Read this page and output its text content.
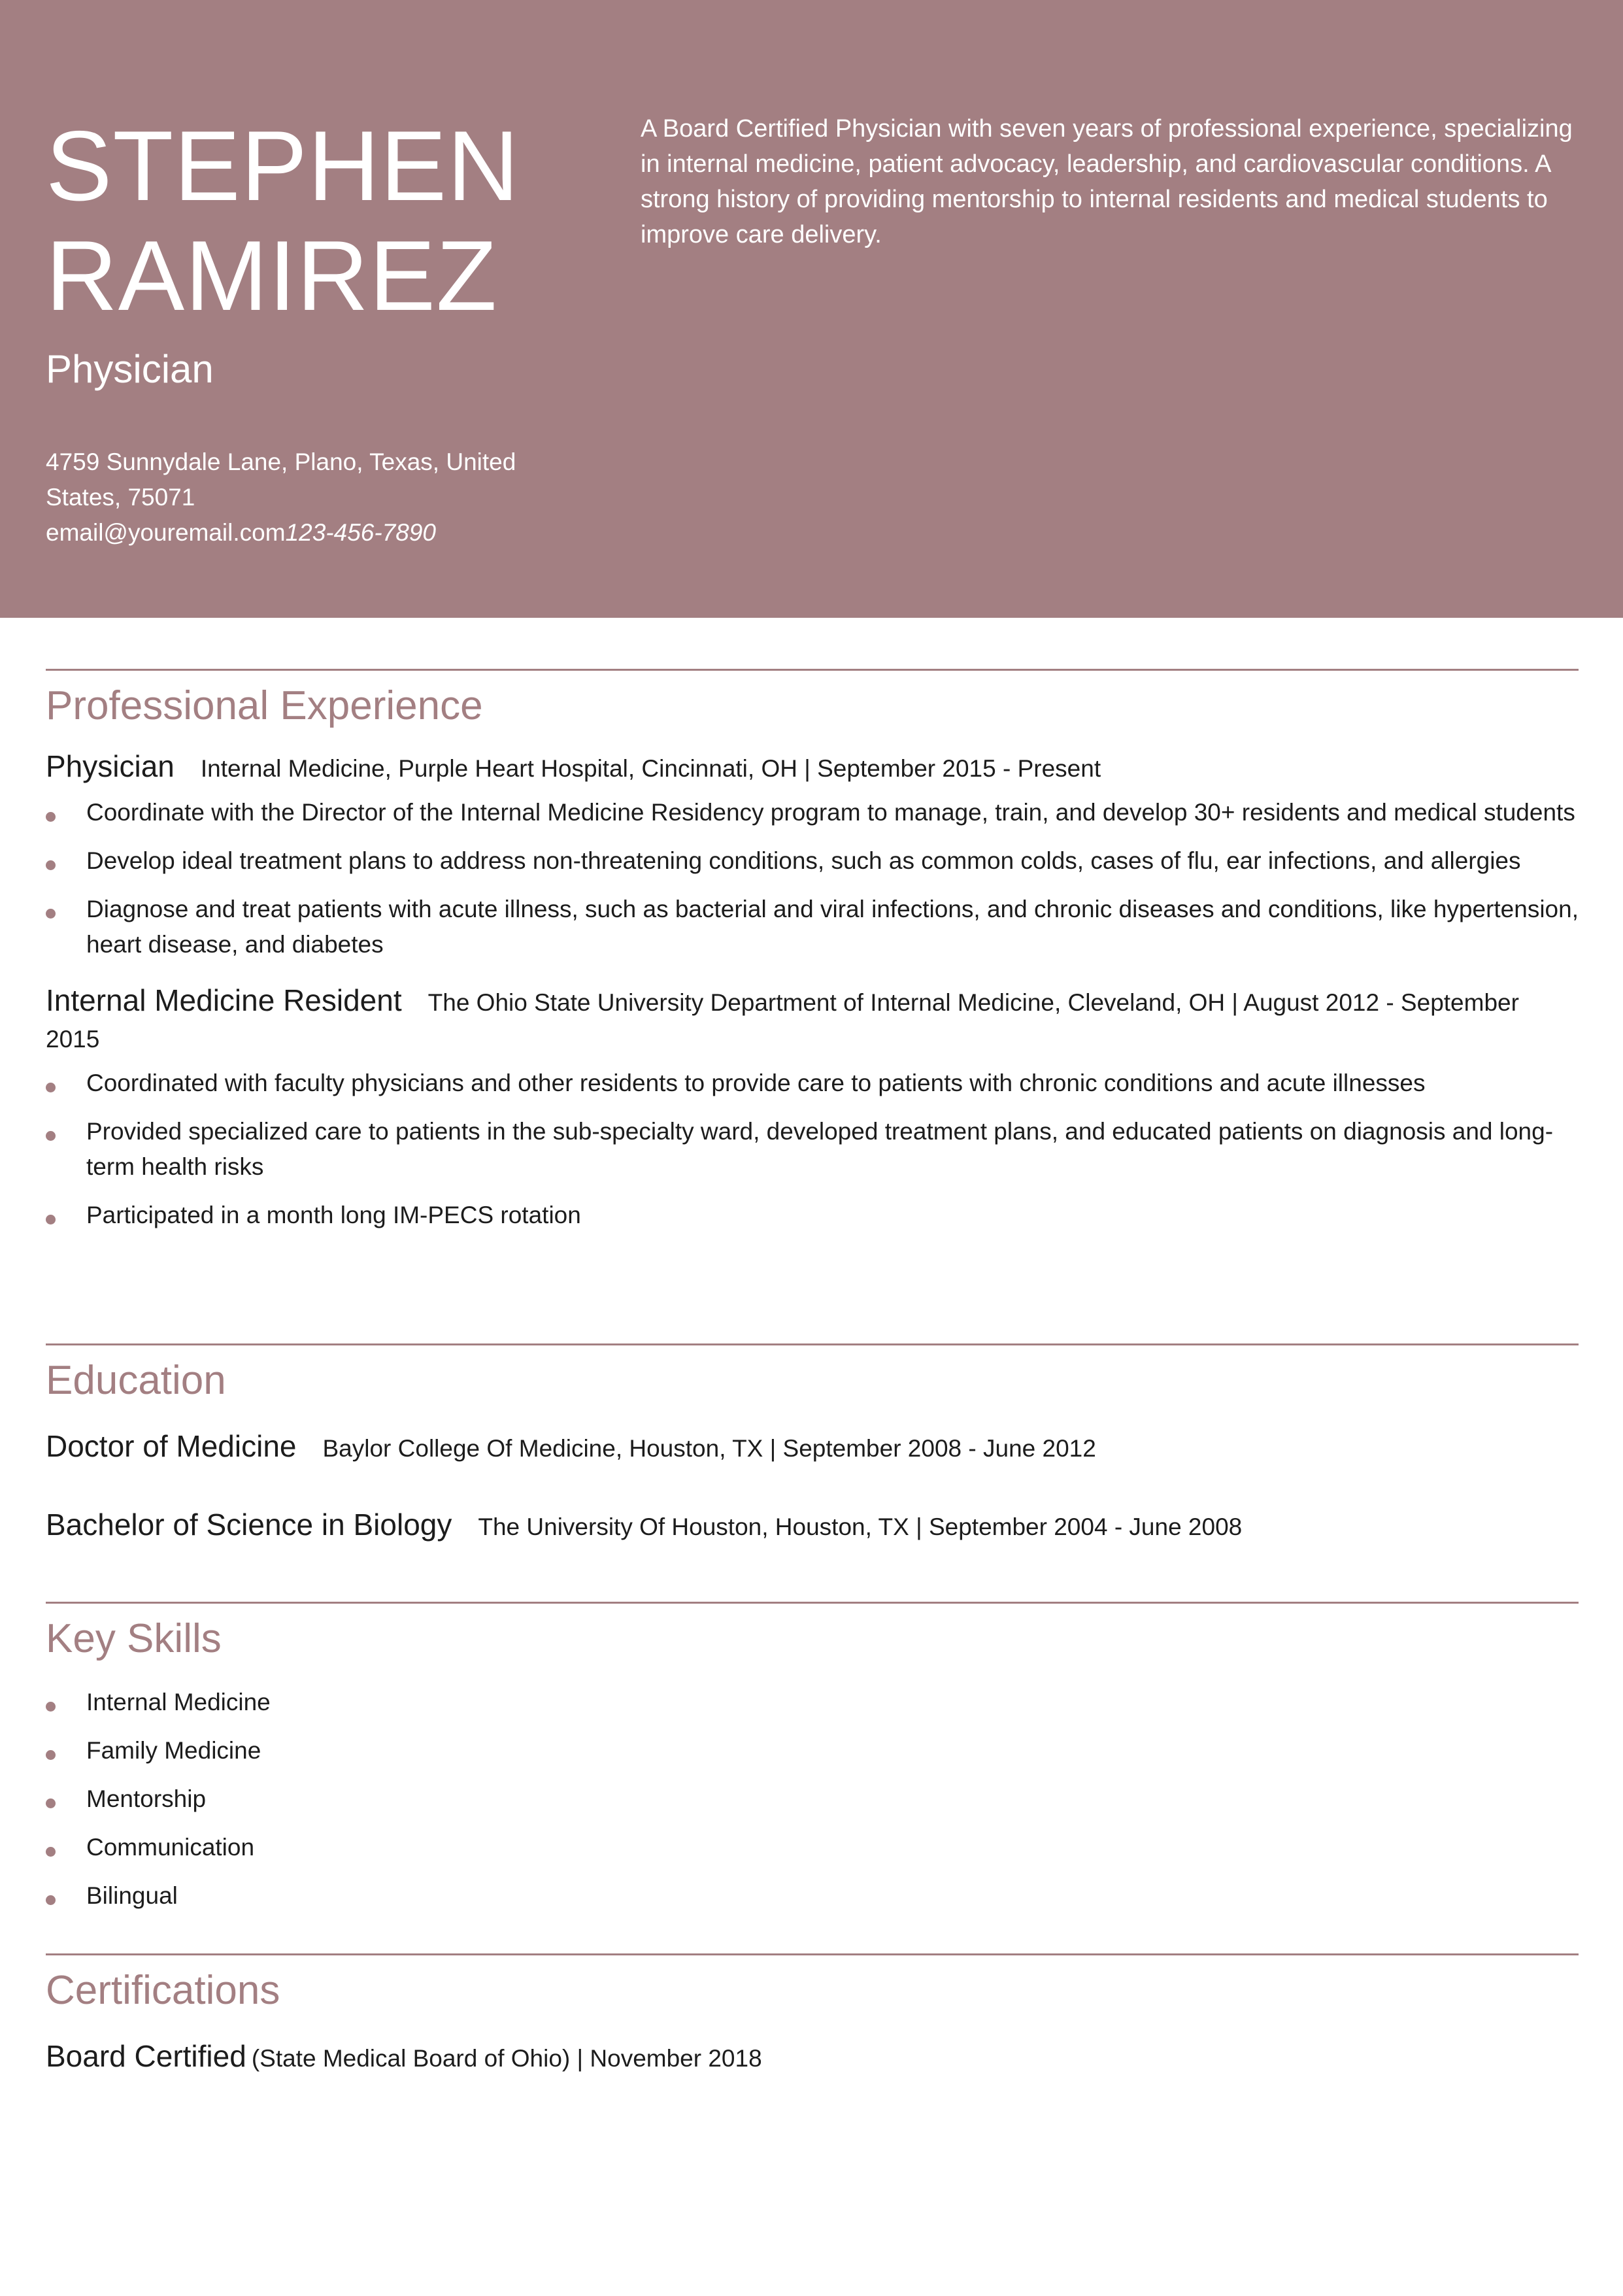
STEPHEN
RAMIREZ
Physician
4759 Sunnydale Lane, Plano, Texas, United States, 75071
email@youremail.com123-456-7890
A Board Certified Physician with seven years of professional experience, specializing in internal medicine, patient advocacy, leadership, and cardiovascular conditions. A strong history of providing mentorship to internal residents and medical students to improve care delivery.
Professional Experience
Physician Internal Medicine, Purple Heart Hospital, Cincinnati, OH | September 2015 - Present
Coordinate with the Director of the Internal Medicine Residency program to manage, train, and develop 30+ residents and medical students
Develop ideal treatment plans to address non-threatening conditions, such as common colds, cases of flu, ear infections, and allergies
Diagnose and treat patients with acute illness, such as bacterial and viral infections, and chronic diseases and conditions, like hypertension, heart disease, and diabetes
Internal Medicine Resident The Ohio State University Department of Internal Medicine, Cleveland, OH | August 2012 - September 2015
Coordinated with faculty physicians and other residents to provide care to patients with chronic conditions and acute illnesses
Provided specialized care to patients in the sub-specialty ward, developed treatment plans, and educated patients on diagnosis and long-term health risks
Participated in a month long IM-PECS rotation
Education
Doctor of Medicine Baylor College Of Medicine, Houston, TX | September 2008 - June 2012
Bachelor of Science in Biology The University Of Houston, Houston, TX | September 2004 - June 2008
Key Skills
Internal Medicine
Family Medicine
Mentorship
Communication
Bilingual
Certifications
Board Certified (State Medical Board of Ohio) | November 2018
